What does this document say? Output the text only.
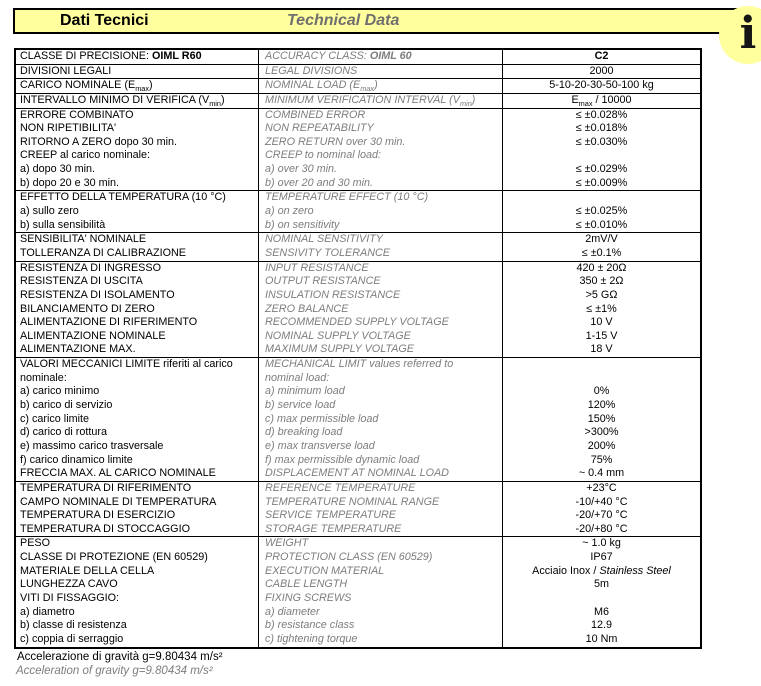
Dati Tecnici	Technical Data	i
CLASSE DI PRECISIONE: OIML R60	ACCURACY CLASS: OIML 60	C2
DIVISIONI LEGALI	LEGAL DIVISIONS	2000
CARICO NOMINALE $(E_{max})$	NOMINAL LOAD $(E_{max})$	5-10-20-30-50-100 kg
INTERVALLO MINIMO DI VERIFICA $(V_{min})$	MINIMUM VERIFICATION INTERVAL $(V_{min})$	$E_{max} / 10000$
ERRORE COMBINATO	COMBINED ERROR	≤ ±0.028%
NON RIPETIBILITA'	NON REPEATABILITY	≤ ±0.018%
RITORNO A ZERO dopo 30 min.	ZERO RETURN over 30 min.	≤ ±0.030%
CREEP al carico nominale:	CREEP to nominal load:
a) dopo 30 min.	a) over 30 min.	≤ ±0.029%
b) dopo 20 e 30 min.	b) over 20 and 30 min.	≤ ±0.009%
EFFETTO DELLA TEMPERATURA (10 °C)	TEMPERATURE EFFECT (10 °C)
a) sullo zero	a) on zero	≤ ±0.025%
b) sulla sensibilità	b) on sensitivity	≤ ±0.010%
SENSIBILITA' NOMINALE	NOMINAL SENSITIVITY	2mV/V
TOLLERANZA DI CALIBRAZIONE	SENSIVITY TOLERANCE	≤ ±0.1%
RESISTENZA DI INGRESSO	INPUT RESISTANCE	420 ± 20Ω
RESISTENZA DI USCITA	OUTPUT RESISTANCE	350 ± 2Ω
RESISTENZA DI ISOLAMENTO	INSULATION RESISTANCE	>5 GΩ
BILANCIAMENTO DI ZERO	ZERO BALANCE	≤ ±1%
ALIMENTAZIONE DI RIFERIMENTO	RECOMMENDED SUPPLY VOLTAGE	10 V
ALIMENTAZIONE NOMINALE	NOMINAL SUPPLY VOLTAGE	1-15 V
ALIMENTAZIONE MAX.	MAXIMUM SUPPLY VOLTAGE	18 V
VALORI MECCANICI LIMITE riferiti al carico	MECHANICAL LIMIT values referred to
nominale:	nominal load:
a) carico minimo	a) minimum load	0%
b) carico di servizio	b) service load	120%
c) carico limite	c) max permissible load	150%
d) carico di rottura	d) breaking load	>300%
e) massimo carico trasversale	e) max transverse load	200%
f) carico dinamico limite	f) max permissible dynamic load	75%
FRECCIA MAX. AL CARICO NOMINALE	DISPLACEMENT AT NOMINAL LOAD	~ 0.4 mm
TEMPERATURA DI RIFERIMENTO	REFERENCE TEMPERATURE	+23°C
CAMPO NOMINALE DI TEMPERATURA	TEMPERATURE NOMINAL RANGE	-10/+40 °C
TEMPERATURA DI ESERCIZIO	SERVICE TEMPERATURE	-20/+70 °C
TEMPERATURA DI STOCCAGGIO	STORAGE TEMPERATURE	-20/+80 °C
PESO	WEIGHT	~ 1.0 kg
CLASSE DI PROTEZIONE (EN 60529)	PROTECTION CLASS (EN 60529)	IP67
MATERIALE DELLA CELLA	EXECUTION MATERIAL	Acciaio Inox / Stainless Steel
LUNGHEZZA CAVO	CABLE LENGTH	5m
VITI DI FISSAGGIO:	FIXING SCREWS
a) diametro	a) diameter	M6
b) classe di resistenza	b) resistance class	12.9
c) coppia di serraggio	c) tightening torque	10 Nm
Accelerazione di gravità g=9.80434 m/s²
Acceleration of gravity g=9.80434 m/s²
